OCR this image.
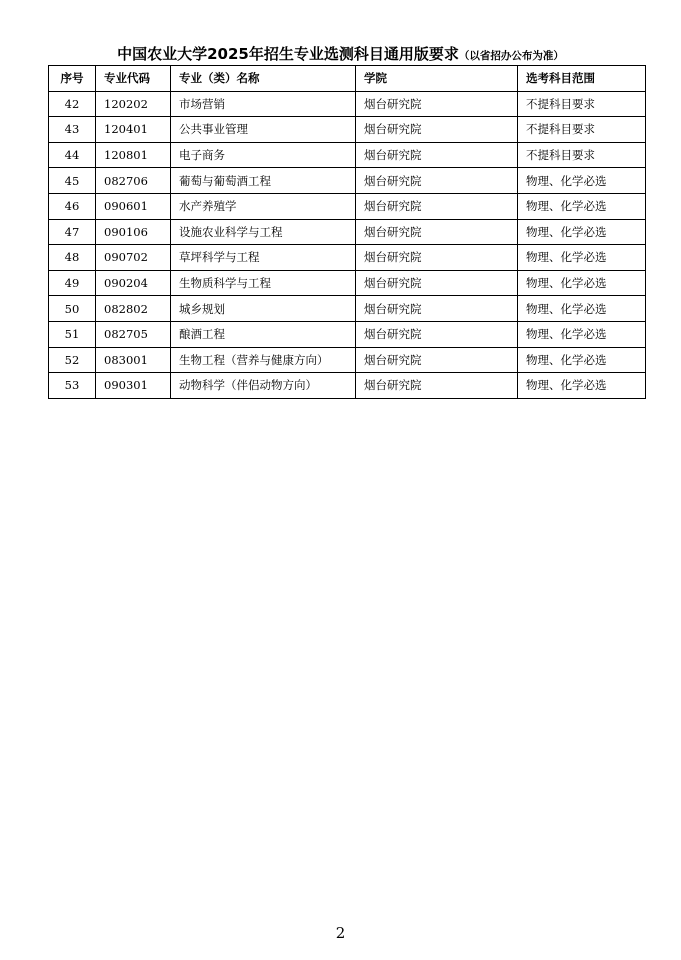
中国农业大学2025年招生专业选测科目通用版要求（以省招办公布为准）
序号	专业代码	专业（类）名称	学院	选考科目范围
42	120202	市场营销	烟台研究院	不提科目要求
43	120401	公共事业管理	烟台研究院	不提科目要求
44	120801	电子商务	烟台研究院	不提科目要求
45	082706	葡萄与葡萄酒工程	烟台研究院	物理、化学必选
46	090601	水产养殖学	烟台研究院	物理、化学必选
47	090106	设施农业科学与工程	烟台研究院	物理、化学必选
48	090702	草坪科学与工程	烟台研究院	物理、化学必选
49	090204	生物质科学与工程	烟台研究院	物理、化学必选
50	082802	城乡规划	烟台研究院	物理、化学必选
51	082705	酿酒工程	烟台研究院	物理、化学必选
52	083001	生物工程（营养与健康方向）	烟台研究院	物理、化学必选
53	090301	动物科学（伴侣动物方向）	烟台研究院	物理、化学必选
2
